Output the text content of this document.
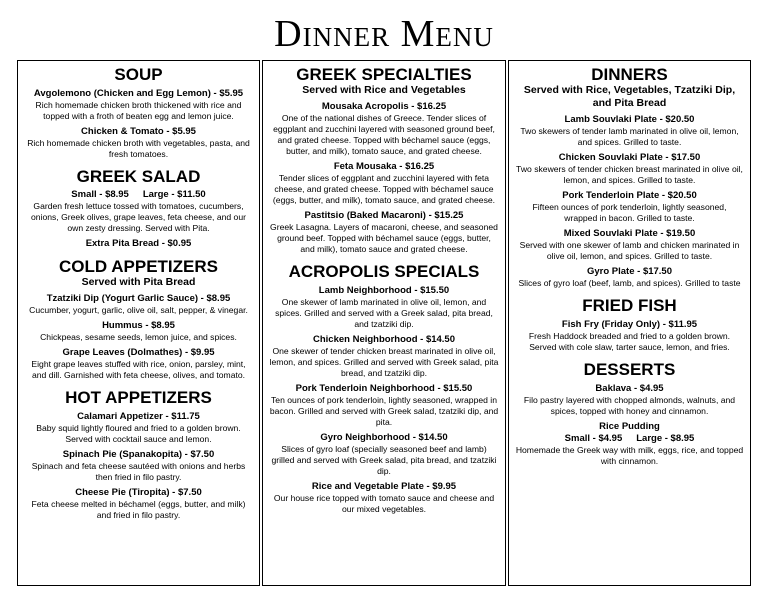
Dinner Menu
SOUP
Avgolemono (Chicken and Egg Lemon) - $5.95
Rich homemade chicken broth thickened with rice and topped with a froth of beaten egg and lemon juice.
Chicken & Tomato - $5.95
Rich homemade chicken broth with vegetables, pasta, and fresh tomatoes.
GREEK SALAD
Small - $8.95 Large - $11.50
Garden fresh lettuce tossed with tomatoes, cucumbers, onions, Greek olives, grape leaves, feta cheese, and our own zesty dressing. Served with Pita.
Extra Pita Bread - $0.95
COLD APPETIZERS
Served with Pita Bread
Tzatziki Dip (Yogurt Garlic Sauce) - $8.95
Cucumber, yogurt, garlic, olive oil, salt, pepper, & vinegar.
Hummus - $8.95
Chickpeas, sesame seeds, lemon juice, and spices.
Grape Leaves (Dolmathes) - $9.95
Eight grape leaves stuffed with rice, onion, parsley, mint, and dill. Garnished with feta cheese, olives, and tomato.
HOT APPETIZERS
Calamari Appetizer - $11.75
Baby squid lightly floured and fried to a golden brown. Served with cocktail sauce and lemon.
Spinach Pie (Spanakopita) - $7.50
Spinach and feta cheese sautéed with onions and herbs then fried in filo pastry.
Cheese Pie (Tiropita) - $7.50
Feta cheese melted in béchamel (eggs, butter, and milk) and fried in filo pastry.
GREEK SPECIALTIES
Served with Rice and Vegetables
Mousaka Acropolis - $16.25
One of the national dishes of Greece. Tender slices of eggplant and zucchini layered with seasoned ground beef, and grated cheese. Topped with béchamel sauce (eggs, butter, and milk), tomato sauce, and grated cheese.
Feta Mousaka - $16.25
Tender slices of eggplant and zucchini layered with feta cheese, and grated cheese. Topped with béchamel sauce (eggs, butter, and milk), tomato sauce, and grated cheese.
Pastitsio (Baked Macaroni) - $15.25
Greek Lasagna. Layers of macaroni, cheese, and seasoned ground beef. Topped with béchamel sauce (eggs, butter, and milk), tomato sauce and grated cheese.
ACROPOLIS SPECIALS
Lamb Neighborhood - $15.50
One skewer of lamb marinated in olive oil, lemon, and spices. Grilled and served with a Greek salad, pita bread, and tzatziki dip.
Chicken Neighborhood - $14.50
One skewer of tender chicken breast marinated in olive oil, lemon, and spices. Grilled and served with Greek salad, pita bread, and tzatziki dip.
Pork Tenderloin Neighborhood - $15.50
Ten ounces of pork tenderloin, lightly seasoned, wrapped in bacon. Grilled and served with Greek salad, tzatziki dip, and pita.
Gyro Neighborhood - $14.50
Slices of gyro loaf (specially seasoned beef and lamb) grilled and served with Greek salad, pita bread, and tzatziki dip.
Rice and Vegetable Plate - $9.95
Our house rice topped with tomato sauce and cheese and our mixed vegetables.
DINNERS
Served with Rice, Vegetables, Tzatziki Dip, and Pita Bread
Lamb Souvlaki Plate - $20.50
Two skewers of tender lamb marinated in olive oil, lemon, and spices. Grilled to taste.
Chicken Souvlaki Plate - $17.50
Two skewers of tender chicken breast marinated in olive oil, lemon, and spices. Grilled to taste.
Pork Tenderloin Plate - $20.50
Fifteen ounces of pork tenderloin, lightly seasoned, wrapped in bacon. Grilled to taste.
Mixed Souvlaki Plate - $19.50
Served with one skewer of lamb and chicken marinated in olive oil, lemon, and spices. Grilled to taste.
Gyro Plate - $17.50
Slices of gyro loaf (beef, lamb, and spices). Grilled to taste
FRIED FISH
Fish Fry (Friday Only) - $11.95
Fresh Haddock breaded and fried to a golden brown. Served with cole slaw, tarter sauce, lemon, and fries.
DESSERTS
Baklava - $4.95
Filo pastry layered with chopped almonds, walnuts, and spices, topped with honey and cinnamon.
Rice Pudding
Small - $4.95 Large - $8.95
Homemade the Greek way with milk, eggs, rice, and topped with cinnamon.
